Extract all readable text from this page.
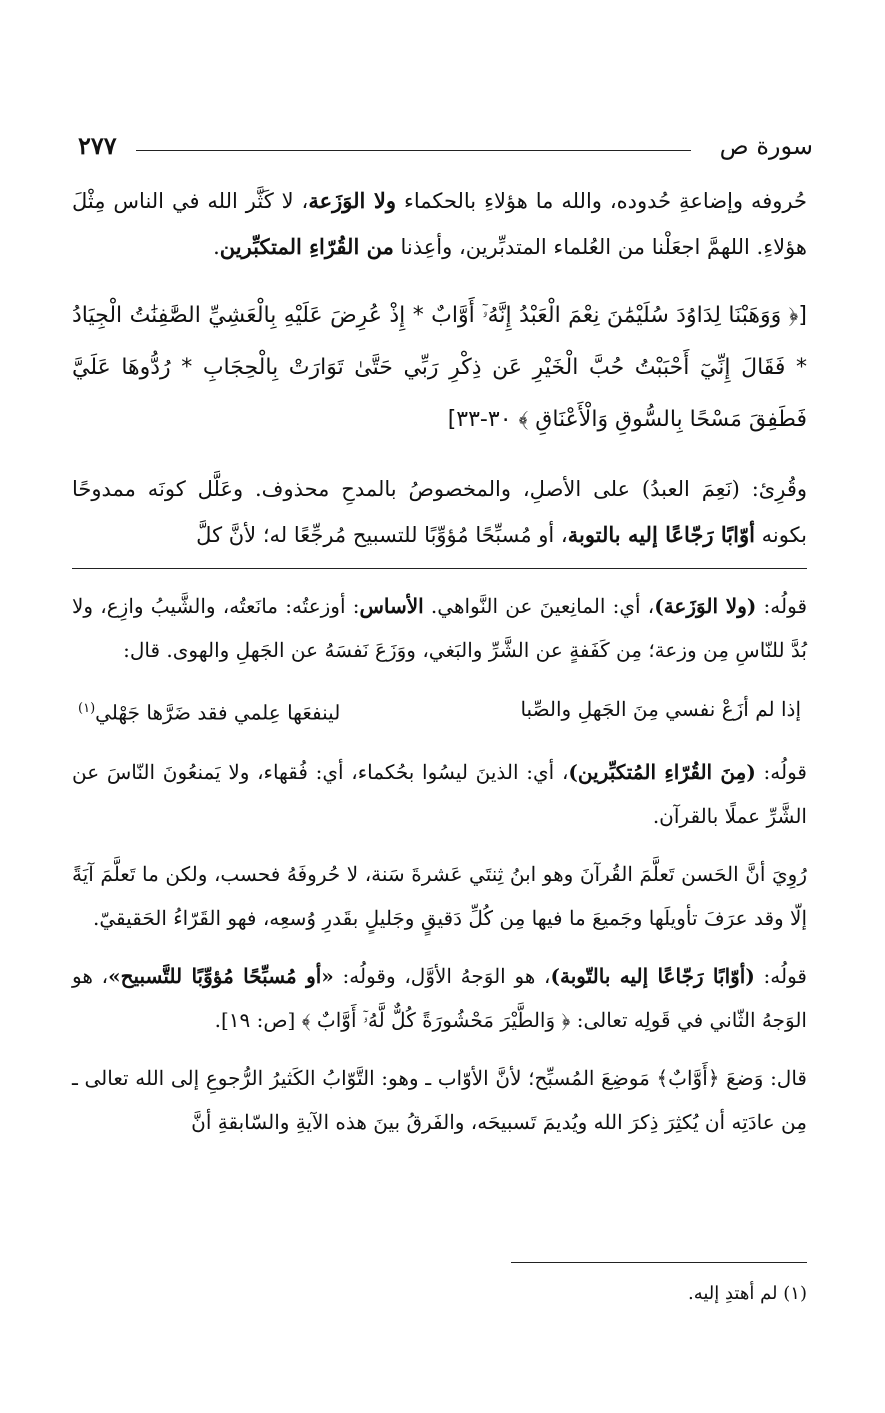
سورة ص
٢٧٧

حُروفه وإضاعةِ حُدوده، والله ما هؤلاءِ بالحكماء ولا الوَزَعة، لا كَثَّر الله في الناس مِثْلَ هؤلاءِ. اللهمَّ اجعَلْنا من العُلماء المتدبِّرين، وأعِذنا من القُرّاءِ المتكبِّرين.

[﴿ وَوَهَبْنَا لِدَاوُدَ سُلَيْمَٰنَ نِعْمَ الْعَبْدُ إِنَّهُۥٓ أَوَّابٌ * إِذْ عُرِضَ عَلَيْهِ بِالْعَشِيِّ الصَّٰفِنَٰتُ الْجِيَادُ * فَقَالَ إِنِّيٓ أَحْبَبْتُ حُبَّ الْخَيْرِ عَن ذِكْرِ رَبِّي حَتَّىٰ تَوَارَتْ بِالْحِجَابِ * رُدُّوهَا عَلَيَّ فَطَفِقَ مَسْحًا بِالسُّوقِ وَالْأَعْنَاقِ ﴾ ٣٠-٣٣]

وقُرِئ: (نَعِمَ العبدُ) على الأصلِ، والمخصوصُ بالمدحِ محذوف. وعَلَّل كونَه ممدوحًا بكونه أوّابًا رَجّاعًا إليه بالتوبة، أو مُسبِّحًا مُؤوِّبًا للتسبيح مُرجِّعًا له؛ لأنَّ كلَّ

قولُه: (ولا الوَزَعة)، أي: المانِعينَ عن النَّواهي. الأساس: أوزعتُه: مانَعتُه، والشَّيبُ وازِع، ولا بُدَّ للنّاسِ مِن وزعة؛ مِن كَفَفةٍ عن الشَّرِّ والبَغي، ووَزَعَ نَفسَهُ عن الجَهلِ والهوى. قال:

إذا لم أزَعْ نفسي مِنَ الجَهلِ والصِّبا
لينفعَها عِلمي فقد ضَرَّها جَهْلي$^{(١)}$

قولُه: (مِنَ القُرّاءِ المُتكبِّرين)، أي: الذينَ ليسُوا بحُكماء، أي: فُقهاء، ولا يَمنعُونَ النّاسَ عن الشَّرِّ عملًا بالقرآن.

رُوِيَ أنَّ الحَسن تَعلَّمَ القُرآنَ وهو ابنُ ثِنتَي عَشرةَ سَنة، لا حُروفَهُ فحسب، ولكن ما تَعلَّمَ آيَةً إلّا وقد عرَفَ تأويلَها وجَميعَ ما فيها مِن كُلِّ دَقيقٍ وجَليلٍ بقَدرِ وُسعِه، فهو القَرّاءُ الحَقيقيّ.

قولُه: (أوّابًا رَجّاعًا إليه بالتّوبة)، هو الوَجهُ الأوَّل، وقولُه: «أو مُسبِّحًا مُؤوِّبًا للتَّسبيح»، هو الوَجهُ الثّاني في قَولِه تعالى: ﴿ وَالطَّيْرَ مَحْشُورَةً كُلٌّ لَّهُۥٓ أَوَّابٌ ﴾ [ص: ١٩].

قال: وَضعَ ﴿أَوَّابٌ﴾ مَوضِعَ المُسبِّح؛ لأنَّ الأوّاب ـ وهو: التَّوّابُ الكَثيرُ الرُّجوعِ إلى الله تعالى ـ مِن عادَتِه أن يُكثِرَ ذِكرَ الله ويُديمَ تَسبيحَه، والفَرقُ بينَ هذه الآيةِ والسّابقةِ أنَّ

(١) لم أهتدِ إليه.
